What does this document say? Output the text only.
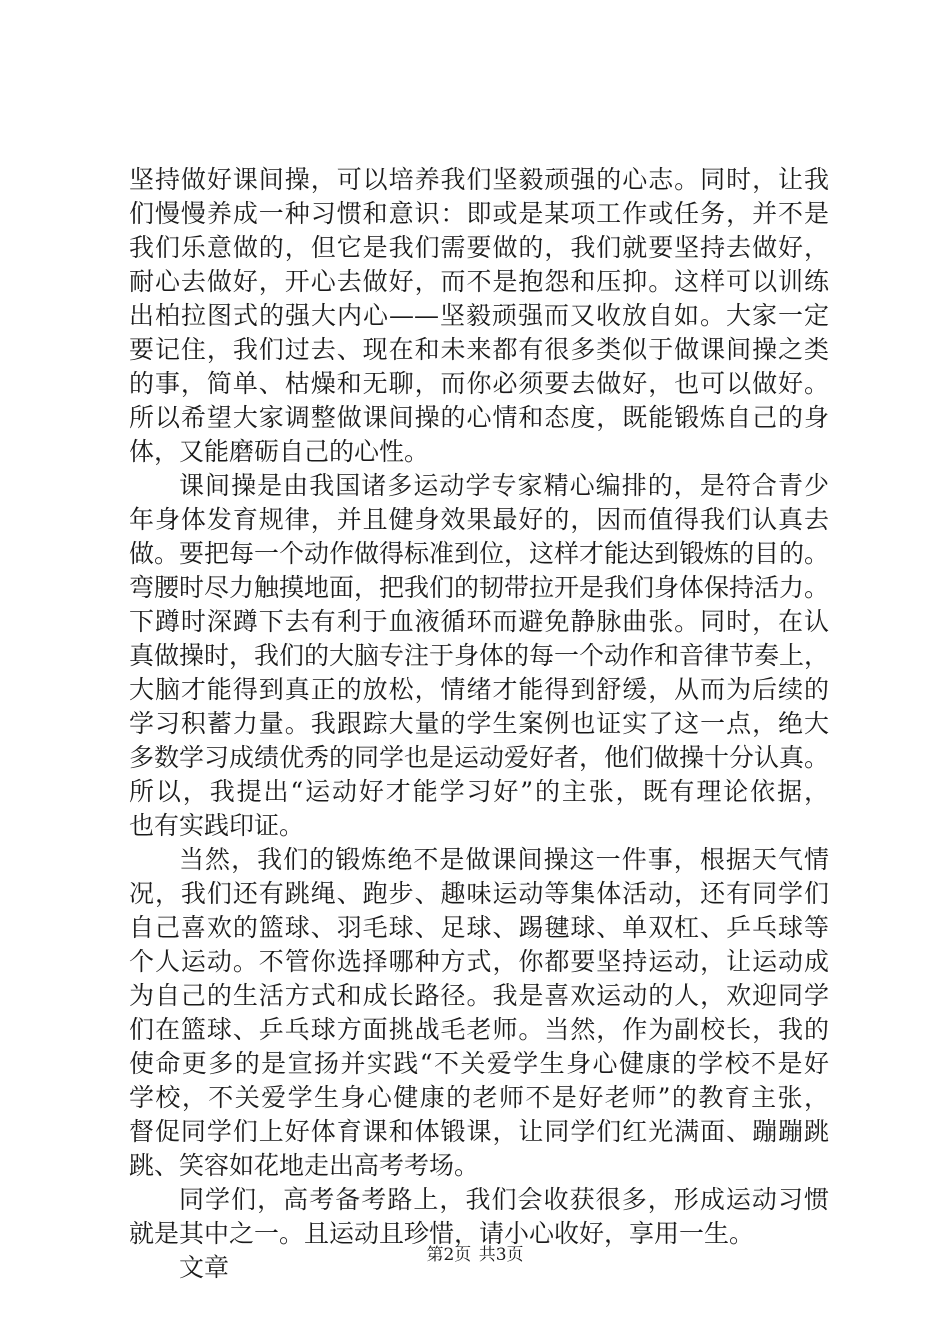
坚持做好课间操，可以培养我们坚毅顽强的心志。同时，让我
们慢慢养成一种习惯和意识：即或是某项工作或任务，并不是
我们乐意做的，但它是我们需要做的，我们就要坚持去做好，
耐心去做好，开心去做好，而不是抱怨和压抑。这样可以训练
出柏拉图式的强大内心——坚毅顽强而又收放自如。大家一定
要记住，我们过去、现在和未来都有很多类似于做课间操之类
的事，简单、枯燥和无聊，而你必须要去做好，也可以做好。
所以希望大家调整做课间操的心情和态度，既能锻炼自己的身
体，又能磨砺自己的心性。
课间操是由我国诸多运动学专家精心编排的，是符合青少
年身体发育规律，并且健身效果最好的，因而值得我们认真去
做。要把每一个动作做得标准到位，这样才能达到锻炼的目的。
弯腰时尽力触摸地面，把我们的韧带拉开是我们身体保持活力。
下蹲时深蹲下去有利于血液循环而避免静脉曲张。同时，在认
真做操时，我们的大脑专注于身体的每一个动作和音律节奏上，
大脑才能得到真正的放松，情绪才能得到舒缓，从而为后续的
学习积蓄力量。我跟踪大量的学生案例也证实了这一点，绝大
多数学习成绩优秀的同学也是运动爱好者，他们做操十分认真。
所以，我提出“运动好才能学习好”的主张，既有理论依据，
也有实践印证。
当然，我们的锻炼绝不是做课间操这一件事，根据天气情
况，我们还有跳绳、跑步、趣味运动等集体活动，还有同学们
自己喜欢的篮球、羽毛球、足球、踢毽球、单双杠、乒乓球等
个人运动。不管你选择哪种方式，你都要坚持运动，让运动成
为自己的生活方式和成长路径。我是喜欢运动的人，欢迎同学
们在篮球、乒乓球方面挑战毛老师。当然，作为副校长，我的
使命更多的是宣扬并实践“不关爱学生身心健康的学校不是好
学校，不关爱学生身心健康的老师不是好老师”的教育主张，
督促同学们上好体育课和体锻课，让同学们红光满面、蹦蹦跳
跳、笑容如花地走出高考考场。
同学们，高考备考路上，我们会收获很多，形成运动习惯
就是其中之一。且运动且珍惜，请小心收好，享用一生。
文章	第2页 共3页
